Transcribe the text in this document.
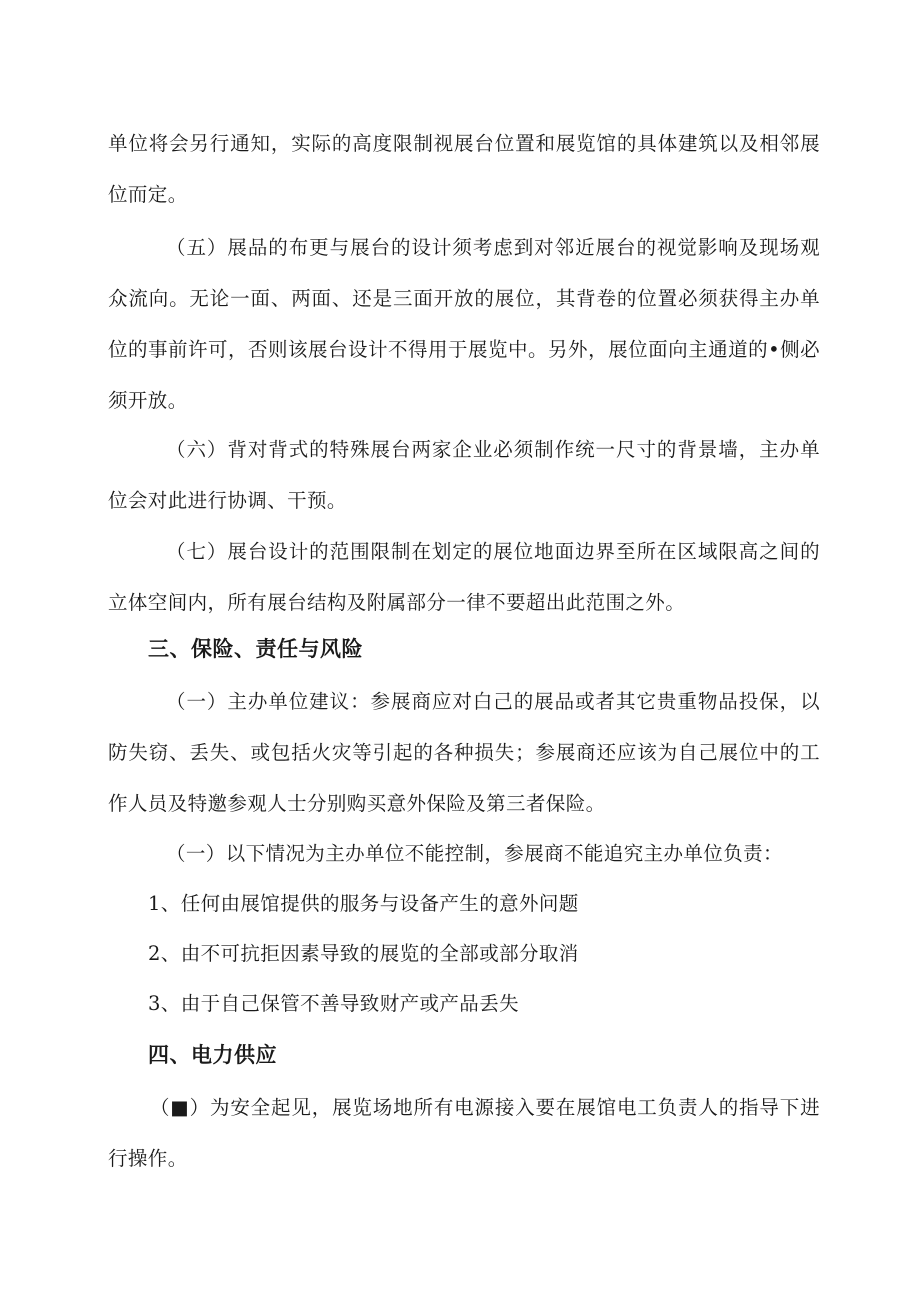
单位将会另行通知，实际的高度限制视展台位置和展览馆的具体建筑以及相邻展位而定。

（五）展品的布更与展台的设计须考虑到对邻近展台的视觉影响及现场观众流向。无论一面、两面、还是三面开放的展位，其背卷的位置必须获得主办单位的事前许可，否则该展台设计不得用于展览中。另外，展位面向主通道的•侧必须开放。

（六）背对背式的特殊展台两家企业必须制作统一尺寸的背景墙，主办单位会对此进行协调、干预。

（七）展台设计的范围限制在划定的展位地面边界至所在区域限高之间的立体空间内，所有展台结构及附属部分一律不要超出此范围之外。

三、保险、责任与风险

（一）主办单位建议：参展商应对白己的展品或者其它贵重物品投保，以防失窃、丢失、或包括火灾等引起的各种损失；参展商还应该为自己展位中的工作人员及特邀参观人士分别购买意外保险及第三者保险。

（一）以下情况为主办单位不能控制，参展商不能追究主办单位负责：

1、任何由展馆提供的服务与设备产生的意外问题

2、由不可抗拒因素导致的展览的全部或部分取消

3、由于自己保管不善导致财产或产品丢失

四、电力供应

（■）为安全起见，展览场地所有电源接入要在展馆电工负责人的指导下进行操作。
